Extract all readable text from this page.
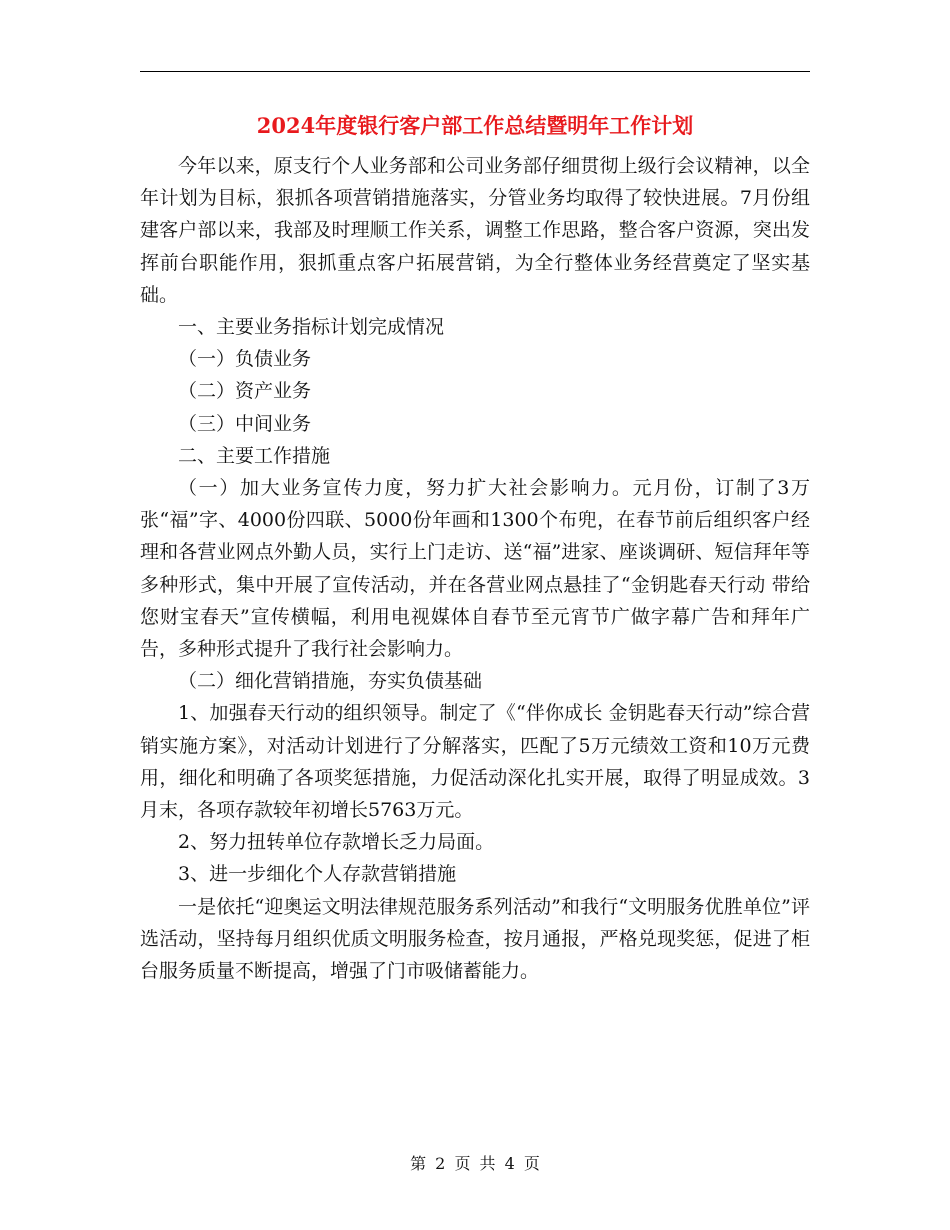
2024年度银行客户部工作总结暨明年工作计划

今年以来，原支行个人业务部和公司业务部仔细贯彻上级行会议精神，以全年计划为目标，狠抓各项营销措施落实，分管业务均取得了较快进展。7月份组建客户部以来，我部及时理顺工作关系，调整工作思路，整合客户资源，突出发挥前台职能作用，狠抓重点客户拓展营销，为全行整体业务经营奠定了坚实基础。

一、主要业务指标计划完成情况

（一）负债业务

（二）资产业务

（三）中间业务

二、主要工作措施

（一）加大业务宣传力度，努力扩大社会影响力。元月份，订制了3万张“福”字、4000份四联、5000份年画和1300个布兜，在春节前后组织客户经理和各营业网点外勤人员，实行上门走访、送“福”进家、座谈调研、短信拜年等多种形式，集中开展了宣传活动，并在各营业网点悬挂了“金钥匙春天行动 带给您财宝春天”宣传横幅，利用电视媒体自春节至元宵节广做字幕广告和拜年广告，多种形式提升了我行社会影响力。

（二）细化营销措施，夯实负债基础

1、加强春天行动的组织领导。制定了《“伴你成长 金钥匙春天行动”综合营销实施方案》，对活动计划进行了分解落实，匹配了5万元绩效工资和10万元费用，细化和明确了各项奖惩措施，力促活动深化扎实开展，取得了明显成效。3月末，各项存款较年初增长5763万元。

2、努力扭转单位存款增长乏力局面。

3、进一步细化个人存款营销措施

一是依托“迎奥运文明法律规范服务系列活动”和我行“文明服务优胜单位”评选活动，坚持每月组织优质文明服务检查，按月通报，严格兑现奖惩，促进了柜台服务质量不断提高，增强了门市吸储蓄能力。

第 2 页 共 4 页
